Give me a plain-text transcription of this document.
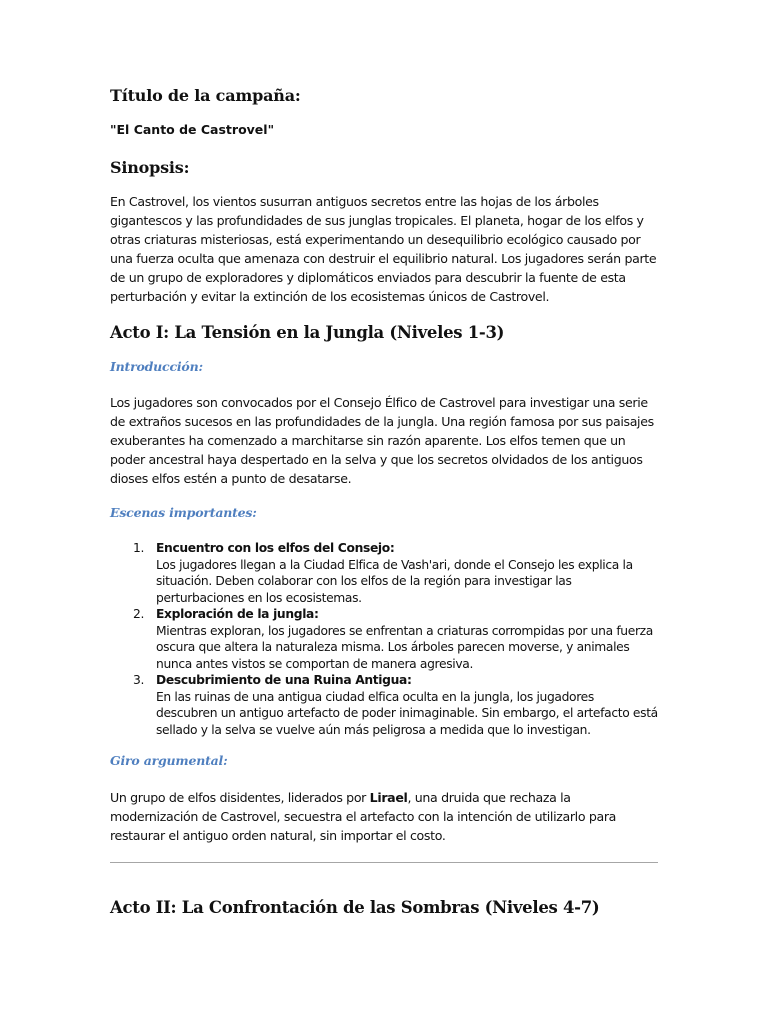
Título de la campaña:

"El Canto de Castrovel"

Sinopsis:

En Castrovel, los vientos susurran antiguos secretos entre las hojas de los árboles gigantescos y las profundidades de sus junglas tropicales. El planeta, hogar de los elfos y otras criaturas misteriosas, está experimentando un desequilibrio ecológico causado por una fuerza oculta que amenaza con destruir el equilibrio natural. Los jugadores serán parte de un grupo de exploradores y diplomáticos enviados para descubrir la fuente de esta perturbación y evitar la extinción de los ecosistemas únicos de Castrovel.

Acto I: La Tensión en la Jungla (Niveles 1-3)
Introducción:

Los jugadores son convocados por el Consejo Élfico de Castrovel para investigar una serie de extraños sucesos en las profundidades de la jungla. Una región famosa por sus paisajes exuberantes ha comenzado a marchitarse sin razón aparente. Los elfos temen que un poder ancestral haya despertado en la selva y que los secretos olvidados de los antiguos dioses elfos estén a punto de desatarse.

Escenas importantes:
1. Encuentro con los elfos del Consejo:
Los jugadores llegan a la Ciudad Elfica de Vash'ari, donde el Consejo les explica la situación. Deben colaborar con los elfos de la región para investigar las perturbaciones en los ecosistemas.
2. Exploración de la jungla:
Mientras exploran, los jugadores se enfrentan a criaturas corrompidas por una fuerza oscura que altera la naturaleza misma. Los árboles parecen moverse, y animales nunca antes vistos se comportan de manera agresiva.
3. Descubrimiento de una Ruina Antigua:
En las ruinas de una antigua ciudad elfica oculta en la jungla, los jugadores descubren un antiguo artefacto de poder inimaginable. Sin embargo, el artefacto está sellado y la selva se vuelve aún más peligrosa a medida que lo investigan.
Giro argumental:

Un grupo de elfos disidentes, liderados por Lirael, una druida que rechaza la modernización de Castrovel, secuestra el artefacto con la intención de utilizarlo para restaurar el antiguo orden natural, sin importar el costo.

Acto II: La Confrontación de las Sombras (Niveles 4-7)
